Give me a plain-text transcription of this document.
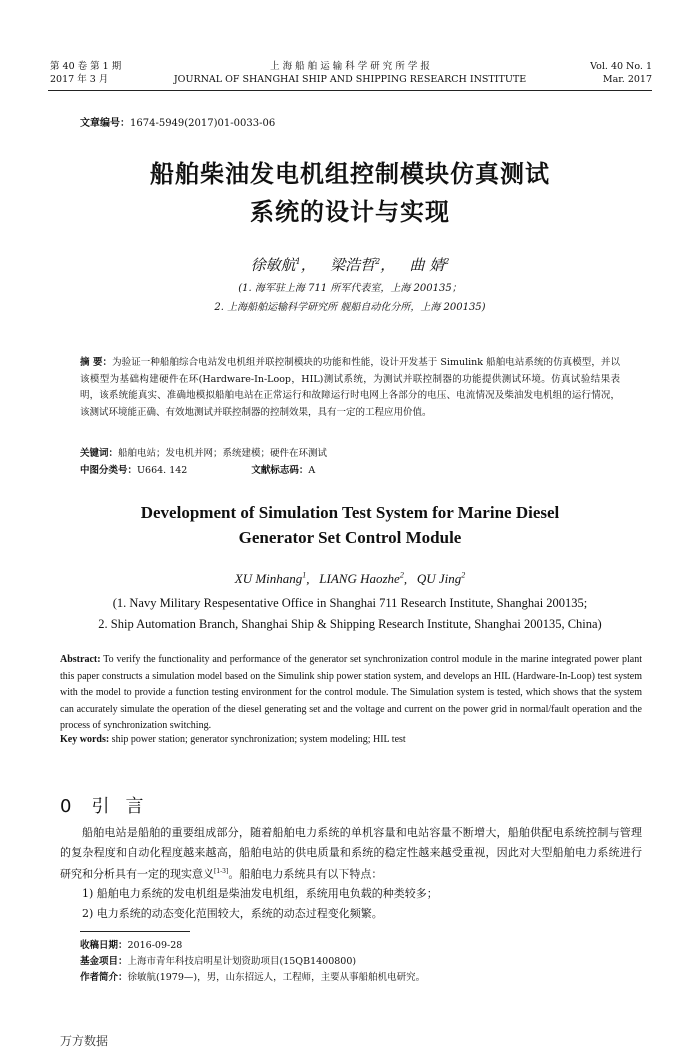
第 40 卷 第 1 期
2017 年 3 月
上 海 船 舶 运 输 科 学 研 究 所 学 报
JOURNAL OF SHANGHAI SHIP AND SHIPPING RESEARCH INSTITUTE
Vol. 40 No. 1
Mar. 2017
文章编号：1674-5949(2017)01-0033-06
船舶柴油发电机组控制模块仿真测试
系统的设计与实现
徐敏航$^1$，   梁浩哲$^2$，   曲 婧$^2$
(1. 海军驻上海 711 所军代表室，上海 200135；
2. 上海船舶运输科学研究所 舰船自动化分所，上海 200135)
摘 要：为验证一种船舶综合电站发电机组并联控制模块的功能和性能，设计开发基于 Simulink 船舶电站系统的仿真模型，并以该模型为基础构建硬件在环(Hardware-In-Loop，HIL)测试系统，为测试并联控制器的功能提供测试环境。仿真试验结果表明，该系统能真实、准确地模拟船舶电站在正常运行和故障运行时电网上各部分的电压、电流情况及柴油发电机组的运行情况，该测试环境能正确、有效地测试并联控制器的控制效果，具有一定的工程应用价值。
关键词：船舶电站；发电机并网；系统建模；硬件在环测试
中图分类号：U664. 142	文献标志码：A
Development of Simulation Test System for Marine Diesel
Generator Set Control Module
XU Minhang$^1$,   LIANG Haozhe$^2$,   QU Jing$^2$
(1. Navy Military Respesentative Office in Shanghai 711 Research Institute, Shanghai 200135;
2. Ship Automation Branch, Shanghai Ship & Shipping Research Institute, Shanghai 200135, China)
Abstract: To verify the functionality and performance of the generator set synchronization control module in the marine integrated power plant this paper constructs a simulation model based on the Simulink ship power station system, and develops an HIL (Hardware-In-Loop) test system with the model to provide a function testing environment for the control module. The Simulation system is tested, which shows that the system can accurately simulate the operation of the diesel generating set and the voltage and current on the power grid in normal/fault operation and the process of synchronization switching.
Key words: ship power station; generator synchronization; system modeling; HIL test
0 引言

船舶电站是船舶的重要组成部分，随着船舶电力系统的单机容量和电站容量不断增大，船舶供配电系统控制与管理的复杂程度和自动化程度越来越高，船舶电站的供电质量和系统的稳定性越来越受重视，因此对大型船舶电力系统进行研究和分析具有一定的现实意义[1-3]。船舶电力系统具有以下特点：

1) 船舶电力系统的发电机组是柴油发电机组，系统用电负载的种类较多；
2) 电力系统的动态变化范围较大，系统的动态过程变化频繁。
收稿日期：2016-09-28
基金项目：上海市青年科技启明星计划资助项目(15QB1400800)
作者简介：徐敏航(1979—)，男，山东招远人，工程师，主要从事船舶机电研究。
万方数据
